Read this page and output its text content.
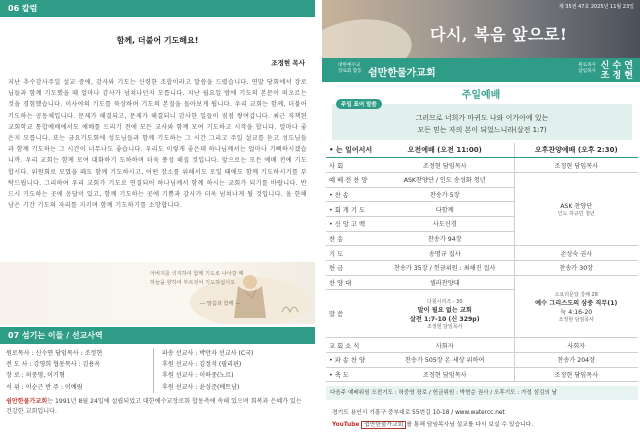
06 칼럼
함께, 더불어 기도해요!
조정현 목사
지난 추수감사주일 설교 중에, 감사와 기도는 신령한 조합이라고 말씀을 드렸습니다. 연말 당회에서 장로님들과 함께 기도했을 때 얼마나 감사가 넘쳐나던지 모릅니다. 지난 월요일 밤에 기도의 본문이 떠오르는 것을 경험했습니다. 이사야의 기도를 묵상하며 기도의 본질을 돌아보게 됩니다. 우리 교회는 함께, 더불어 기도하는 공동체입니다. 문제가 해결되고, 문제가 해결되니 감사한 일들이 점점 쌓여갑니다. 최근 직책된 교회학교 통합예배에서도 예배를 드리기 전에 모든 교사와 함께 모여 기도하고 시작을 합니다. 얼마나 좋은지 모릅니다. 또는 금요기도회에 성도님들과 함께 기도하는 그 시간 그리고 주일 설교를 듣고 성도님들과 함께 기도하는 그 시간이 너무나도 좋습니다. 우리도 이렇게 좋은데 하나님께서는 얼마나 기뻐하시겠습니까. 우리 교회는 함께 모여 대화하기 도하하며 더욱 풍성 해질 것입니다. 앞으로는 모든 예배 전에 기도합시다. 위원회로 모였을 때도 함께 기도하시고, 어떤 장소를 위해서도 모일 때에도 함께 기도하시기를 부탁드립니다. 그리하여 우리 교회가 기도로 연결되어 하나님께서 함께 하시는 교회가 되기를 바랍니다. 반드시 기도하는 곳에 응답이 있고, 함께 기도하는 곳에 기쁨과 감사가 더욱 넘쳐나게 될 것입니다. 올 한해 남은 기간 기도의 자리를 지키며 함께 기도하기를 소망합니다.
아버지를 의지하여 함께 기도로 나아갈 때
하늘을 향하여 부르짖어 기도하십시오
― 말씀과 함께 ―
07 섬기는 이들 / 선교사역
원로목사 : 신수연 담임목사 : 조정현	파송 선교사 : 박만자 선교사 (C국)
전 도 사 : 강영희 협동목사 : 김용옥	후원 선교사 : 김정석 (필리핀)
장 로 : 허중영, 이기형	후원 선교사 : 이하중(노르)
서 위 : 이순근 반 주 : 이예림	후원 선교사 : 윤성준(베트남)
쉼만한물가교회는 1991년 8월 24일에 설립되었고 대한예수교장로회 합동측에 속해 있으며 회복과 은혜가 있는 건강한 교회입니다.
제 35권 47호 2025년 11월 23일
다시, 복음 앞으로!
대한예수교
장로회 합동 쉼만한물가교회
원로목사
담임목사
신 수 연
조 정 현
주일예배
그러므로 너희가 마귀도 나와 이가아에 있는
모든 믿는 자의 본이 되었느니라(살전 1:7)
주일 표어 말씀
• 는 일어서서	오전예배 (오전 11:00)	오후찬양예배 (오후 2:30)
사 회	조정현 담임목사	조정현 담임목사
예 배 전 찬 양	ASK찬양단 / 인도 송성화 청년	ASK 찬양단
인도 허규민 청년

• 찬 송	찬송가 5장	
• 회 개 기 도	다함께	
• 신 앙 고 백	사도신경	
찬 송	찬송가 94장	
기 도	송명규 집사	손성숙 권사
헌 금	찬송가 35장 / 헌금위원 : 최해진 집사	찬송가 30장
찬 양 대	셀라찬양대	소요리문답 강해 28
예수 그리스도의 삼중 직무(1)
눅 4:16-20
조정현 담임목사

말 씀	다윗시리즈 - 30
말이 필요 없는 교회
살전 1:7-10 (신 329p)
조정현 담임목사	

교 회 소 식	사회자	사회자
• 파 송 찬 양	찬송가 505장 온 세상 위하여	찬송가 204장
• 축 도	조정현 담임목사	조정현 담임목사
다음주 예배위원 오전기도 : 허중영 장로 / 헌금위원 : 박현순 권사 / 오후기도 : 가정 섬김의 날
경기도 용인시 기흥구 중부대로 55번길 10-18 / www.watercc.net
YouTube 쉼만한물가교회 를 통해 담임목사님 설교를 다시 보실 수 있습니다.
